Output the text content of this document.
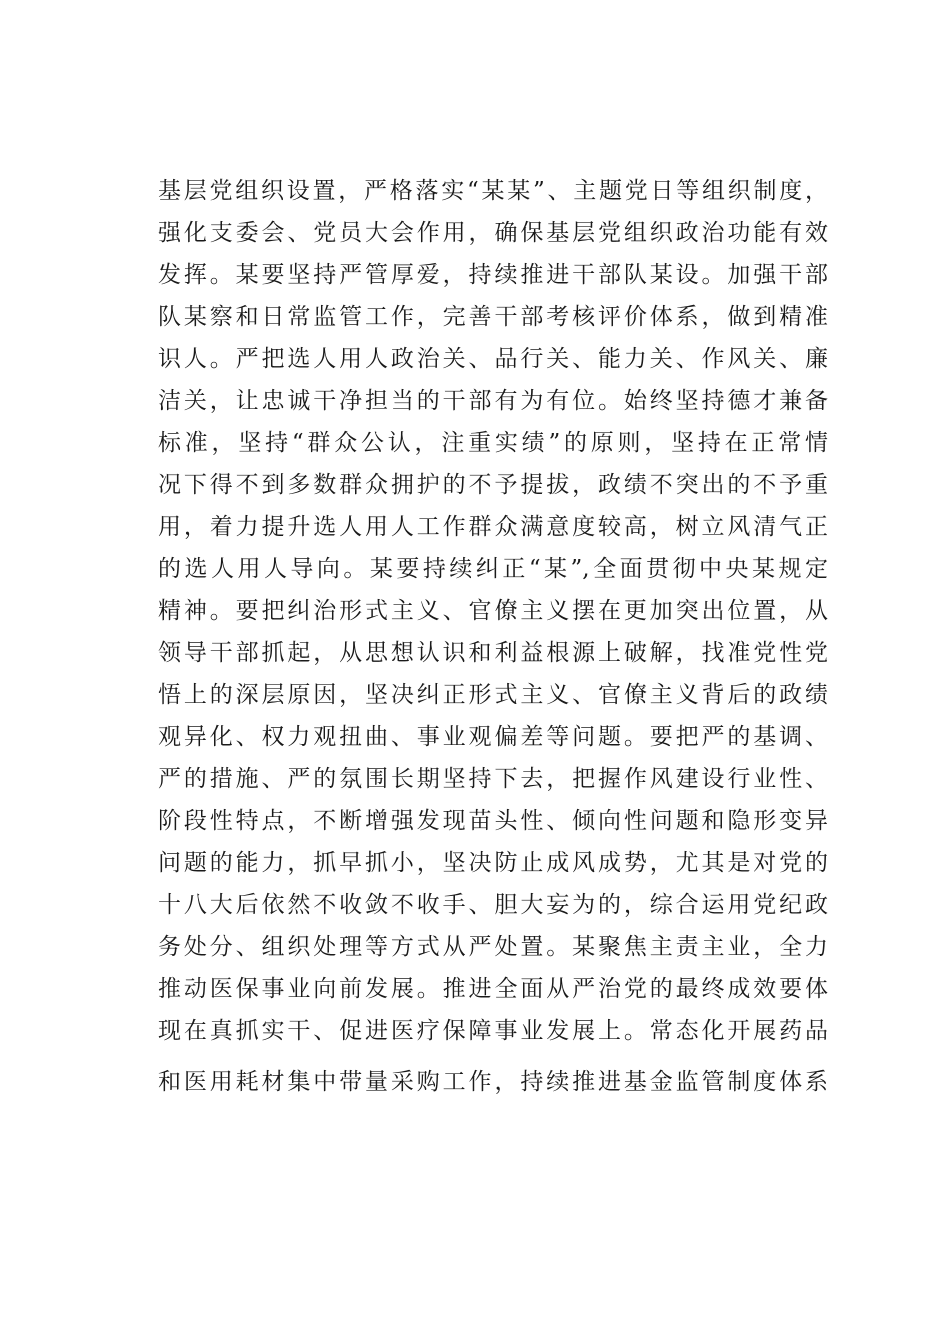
基层党组织设置，严格落实“某某”、主题党日等组织制度，
强化支委会、党员大会作用，确保基层党组织政治功能有效
发挥。某要坚持严管厚爱，持续推进干部队某设。加强干部
队某察和日常监管工作，完善干部考核评价体系，做到精准
识人。严把选人用人政治关、品行关、能力关、作风关、廉
洁关，让忠诚干净担当的干部有为有位。始终坚持德才兼备
标准，坚持“群众公认，注重实绩”的原则，坚持在正常情
况下得不到多数群众拥护的不予提拔，政绩不突出的不予重
用，着力提升选人用人工作群众满意度较高，树立风清气正
的选人用人导向。某要持续纠正“某”,全面贯彻中央某规定
精神。要把纠治形式主义、官僚主义摆在更加突出位置，从
领导干部抓起，从思想认识和利益根源上破解，找准党性党
悟上的深层原因，坚决纠正形式主义、官僚主义背后的政绩
观异化、权力观扭曲、事业观偏差等问题。要把严的基调、
严的措施、严的氛围长期坚持下去，把握作风建设行业性、
阶段性特点，不断增强发现苗头性、倾向性问题和隐形变异
问题的能力，抓早抓小，坚决防止成风成势，尤其是对党的
十八大后依然不收敛不收手、胆大妄为的，综合运用党纪政
务处分、组织处理等方式从严处置。某聚焦主责主业，全力
推动医保事业向前发展。推进全面从严治党的最终成效要体
现在真抓实干、促进医疗保障事业发展上。常态化开展药品
和医用耗材集中带量采购工作，持续推进基金监管制度体系
